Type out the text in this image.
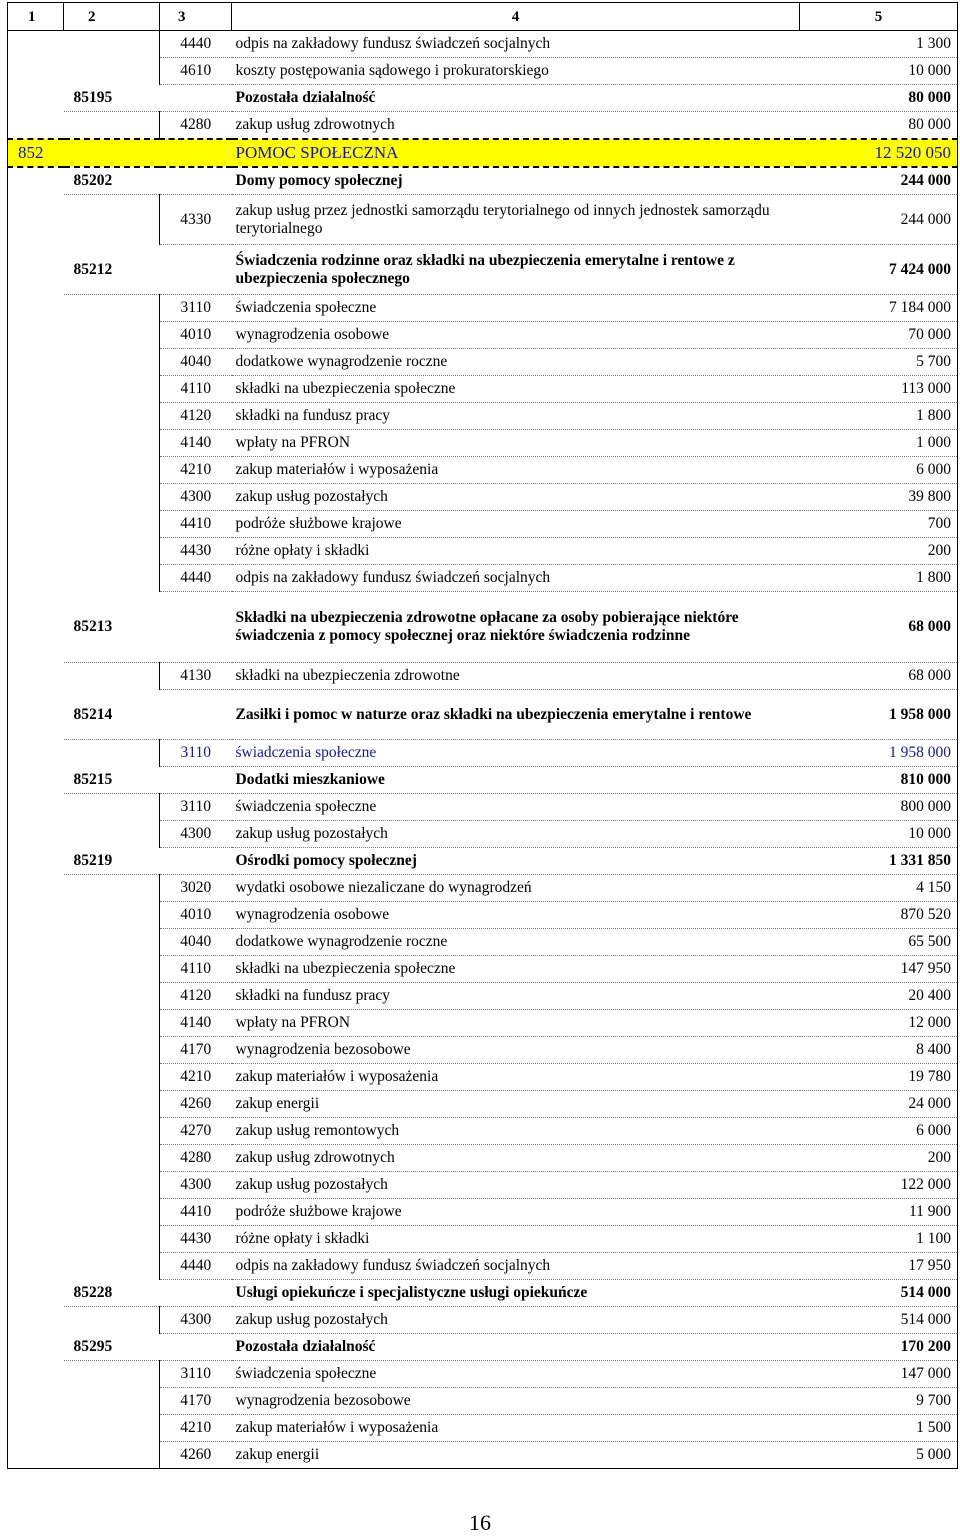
1	2	3	4	5
		4440	odpis na zakładowy fundusz świadczeń socjalnych	1 300
		4610	koszty postępowania sądowego i prokuratorskiego	10 000
	85195		Pozostała działalność	80 000
		4280	zakup usług zdrowotnych	80 000
852			POMOC SPOŁECZNA	12 520 050
	85202		Domy pomocy społecznej	244 000
		4330	zakup usług przez jednostki samorządu terytorialnego od innych jednostek samorządu terytorialnego	244 000
	85212		Świadczenia rodzinne oraz składki na ubezpieczenia emerytalne i rentowe z ubezpieczenia społecznego	7 424 000
		3110	świadczenia społeczne	7 184 000
		4010	wynagrodzenia osobowe	70 000
		4040	dodatkowe wynagrodzenie roczne	5 700
		4110	składki na ubezpieczenia społeczne	113 000
		4120	składki na fundusz pracy	1 800
		4140	wpłaty na PFRON	1 000
		4210	zakup materiałów i wyposażenia	6 000
		4300	zakup usług pozostałych	39 800
		4410	podróże służbowe krajowe	700
		4430	różne opłaty i składki	200
		4440	odpis na zakładowy fundusz świadczeń socjalnych	1 800
	85213		Składki na ubezpieczenia zdrowotne opłacane za osoby pobierające niektóre świadczenia z pomocy społecznej oraz niektóre świadczenia rodzinne	68 000
		4130	składki na ubezpieczenia zdrowotne	68 000
	85214		Zasiłki i pomoc w naturze oraz składki na ubezpieczenia emerytalne i rentowe	1 958 000
		3110	świadczenia społeczne	1 958 000
	85215		Dodatki mieszkaniowe	810 000
		3110	świadczenia społeczne	800 000
		4300	zakup usług pozostałych	10 000
	85219		Ośrodki pomocy społecznej	1 331 850
		3020	wydatki osobowe niezaliczane do wynagrodzeń	4 150
		4010	wynagrodzenia osobowe	870 520
		4040	dodatkowe wynagrodzenie roczne	65 500
		4110	składki na ubezpieczenia społeczne	147 950
		4120	składki na fundusz pracy	20 400
		4140	wpłaty na PFRON	12 000
		4170	wynagrodzenia bezosobowe	8 400
		4210	zakup materiałów i wyposażenia	19 780
		4260	zakup energii	24 000
		4270	zakup usług remontowych	6 000
		4280	zakup usług zdrowotnych	200
		4300	zakup usług pozostałych	122 000
		4410	podróże służbowe krajowe	11 900
		4430	różne opłaty i składki	1 100
		4440	odpis na zakładowy fundusz świadczeń socjalnych	17 950
	85228		Usługi opiekuńcze i specjalistyczne usługi opiekuńcze	514 000
		4300	zakup usług pozostałych	514 000
	85295		Pozostała działalność	170 200
		3110	świadczenia społeczne	147 000
		4170	wynagrodzenia bezosobowe	9 700
		4210	zakup materiałów i wyposażenia	1 500
		4260	zakup energii	5 000
16
